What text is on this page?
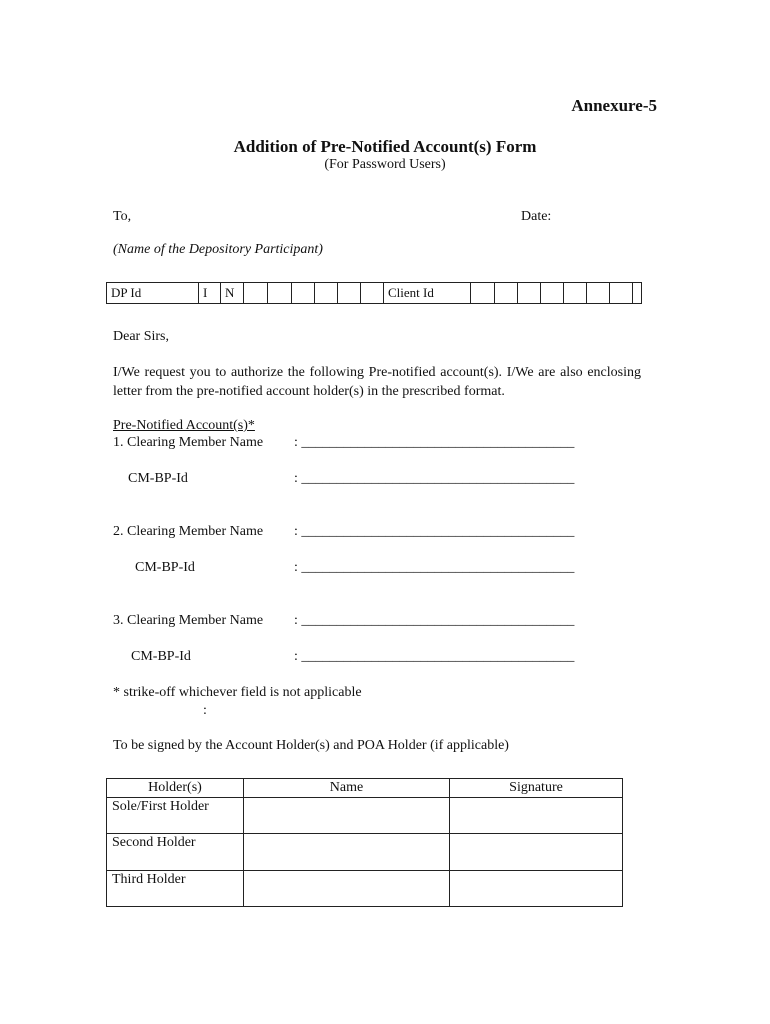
Annexure-5
Addition of Pre-Notified Account(s) Form
(For Password Users)
To,	Date:
(Name of the Depository Participant)
DP Id	I	N	Client Id
Dear Sirs,
I/We request you to authorize the following Pre-notified account(s). I/We are also enclosing letter from the pre-notified account holder(s) in the prescribed format.
Pre-Notified Account(s)*
1. Clearing Member Name : _______________________________________
CM-BP-Id	: _______________________________________
2. Clearing Member Name : _______________________________________
CM-BP-Id	: _______________________________________
3. Clearing Member Name : _______________________________________
CM-BP-Id	: _______________________________________
* strike-off whichever field is not applicable
:
To be signed by the Account Holder(s) and POA Holder (if applicable)
Holder(s)	Name	Signature
Sole/First Holder		
Second Holder		
Third Holder		
